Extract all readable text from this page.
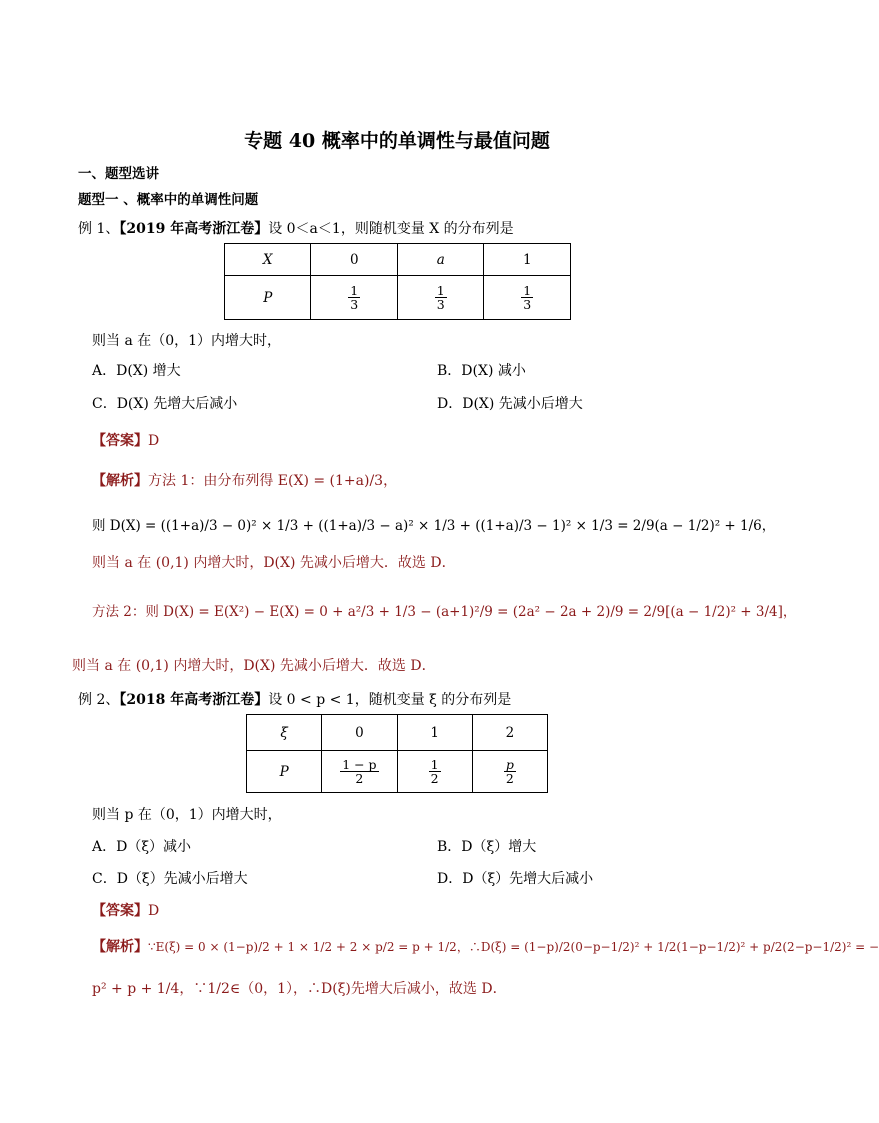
专题 40 概率中的单调性与最值问题
一、题型选讲
题型一 、概率中的单调性问题
例 1、【2019 年高考浙江卷】设 0＜a＜1，则随机变量 X 的分布列是
X	0	a	1
P	$\frac{1}{3}$	$\frac{1}{3}$	$\frac{1}{3}$
则当 a 在（0，1）内增大时，
A．D(X) 增大	B．D(X) 减小
C．D(X) 先增大后减小	D．D(X) 先减小后增大
【答案】D
【解析】方法 1：由分布列得 E(X) = (1+a)/3，
则 D(X) = ((1+a)/3 − 0)² × 1/3 + ((1+a)/3 − a)² × 1/3 + ((1+a)/3 − 1)² × 1/3 = 2/9(a − 1/2)² + 1/6，
则当 a 在 (0,1) 内增大时，D(X) 先减小后增大．故选 D．
方法 2：则 D(X) = E(X²) − E(X) = 0 + a²/3 + 1/3 − (a+1)²/9 = (2a² − 2a + 2)/9 = 2/9[(a − 1/2)² + 3/4]，
则当 a 在 (0,1) 内增大时，D(X) 先减小后增大．故选 D．
例 2、【2018 年高考浙江卷】设 0 < p < 1，随机变量 ξ 的分布列是
ξ	0	1	2
P	$\frac{1 - p}{2}$	$\frac{1}{2}$	$\frac{p}{2}$
则当 p 在（0，1）内增大时，
A．D（ξ）减小	B．D（ξ）增大
C．D（ξ）先减小后增大	D．D（ξ）先增大后减小
【答案】D
【解析】∵E(ξ) = 0 × (1−p)/2 + 1 × 1/2 + 2 × p/2 = p + 1/2，∴D(ξ) = (1−p)/2(0−p−1/2)² + 1/2(1−p−1/2)² + p/2(2−p−1/2)² = −
p² + p + 1/4，∵1/2∈（0，1），∴D(ξ)先增大后减小，故选 D．
